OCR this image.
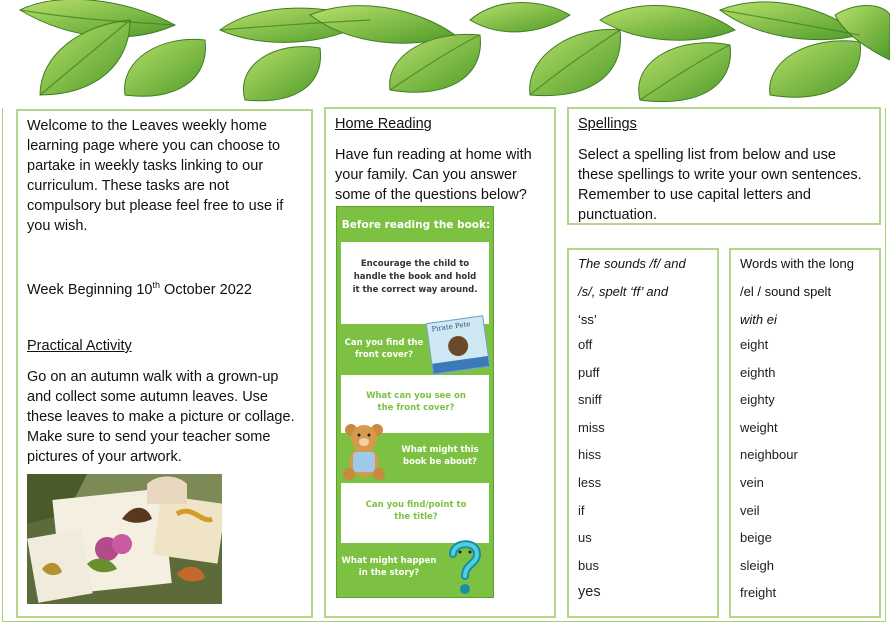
Welcome to the Leaves weekly home learning page where you can choose to partake in weekly tasks linking to our curriculum. These tasks are not compulsory but please feel free to use if you wish.
Week Beginning 10th October 2022
Practical Activity
Go on an autumn walk with a grown-up and collect some autumn leaves. Use these leaves to make a picture or collage. Make sure to send your teacher some pictures of your artwork.
Home Reading
Have fun reading at home with your family. Can you answer some of the questions below?
Before reading the book:
Encourage the child to handle the book and hold it the correct way around.
Can you find the front cover?
Pirate Pete
What can you see on the front cover?
What might this book be about?
Can you find/point to the title?
What might happen in the story?
Spellings
Select a spelling list from below and use these spellings to write your own sentences. Remember to use capital letters and punctuation.
The sounds /f/ and
/s/, spelt ‘ff’ and
‘ss’
off
puff
sniff
miss
hiss
less
if
us
bus
yes
Words with the long
/el / sound spelt
with ei
eight
eighth
eighty
weight
neighbour
vein
veil
beige
sleigh
freight
